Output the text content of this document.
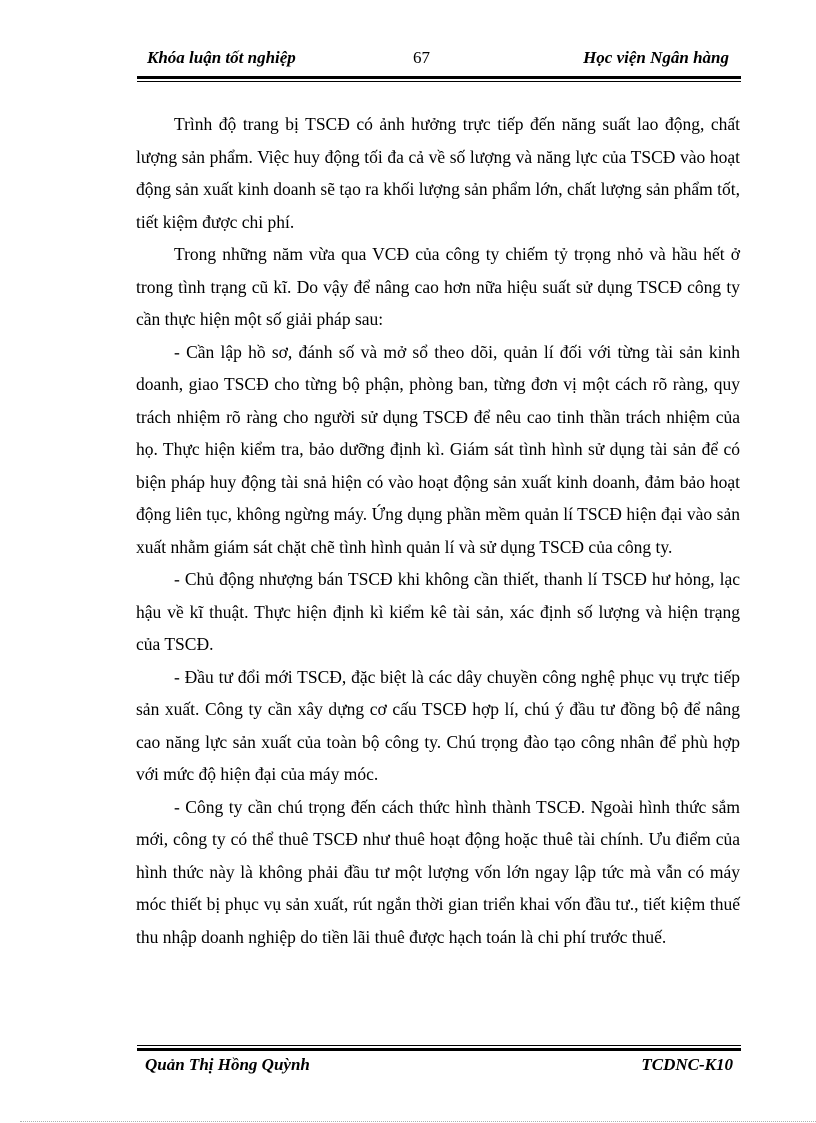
Khóa luận tốt nghiệp	67	Học viện Ngân hàng

Trình độ trang bị TSCĐ có ảnh hưởng trực tiếp đến năng suất lao động, chất lượng sản phẩm. Việc huy động tối đa cả về số lượng và năng lực của TSCĐ vào hoạt động sản xuất kinh doanh sẽ tạo ra khối lượng sản phẩm lớn, chất lượng sản phẩm tốt, tiết kiệm được chi phí.

Trong những năm vừa qua VCĐ của công ty chiếm tỷ trọng nhỏ và hầu hết ở trong tình trạng cũ kĩ. Do vậy để nâng cao hơn nữa hiệu suất sử dụng TSCĐ công ty cần thực hiện một số giải pháp sau:

- Cần lập hồ sơ, đánh số và mở sổ theo dõi, quản lí đối với từng tài sản kinh doanh, giao TSCĐ cho từng bộ phận, phòng ban, từng đơn vị một cách rõ ràng, quy trách nhiệm rõ ràng cho người sử dụng TSCĐ để nêu cao tinh thần trách nhiệm của họ. Thực hiện kiểm tra, bảo dưỡng định kì. Giám sát tình hình sử dụng tài sản để có biện pháp huy động tài snả hiện có vào hoạt động sản xuất kinh doanh, đảm bảo hoạt động liên tục, không ngừng máy. Ứng dụng phần mềm quản lí TSCĐ hiện đại vào sản xuất nhằm giám sát chặt chẽ tình hình quản lí và sử dụng TSCĐ của công ty.

- Chủ động nhượng bán TSCĐ khi không cần thiết, thanh lí TSCĐ hư hỏng, lạc hậu về kĩ thuật. Thực hiện định kì kiểm kê tài sản, xác định số lượng và hiện trạng của TSCĐ.

- Đầu tư đổi mới TSCĐ, đặc biệt là các dây chuyền công nghệ phục vụ trực tiếp sản xuất. Công ty cần xây dựng cơ cấu TSCĐ hợp lí, chú ý đầu tư đồng bộ để nâng cao năng lực sản xuất của toàn bộ công ty. Chú trọng đào tạo công nhân để phù hợp với mức độ hiện đại của máy móc.

- Công ty cần chú trọng đến cách thức hình thành TSCĐ. Ngoài hình thức sắm mới, công ty có thể thuê TSCĐ như thuê hoạt động hoặc thuê tài chính. Ưu điểm của hình thức này là không phải đầu tư một lượng vốn lớn ngay lập tức mà vẫn có máy móc thiết bị phục vụ sản xuất, rút ngắn thời gian triển khai vốn đầu tư., tiết kiệm thuế thu nhập doanh nghiệp do tiền lãi thuê được hạch toán là chi phí trước thuế.

Quản Thị Hồng Quỳnh	TCDNC-K10
